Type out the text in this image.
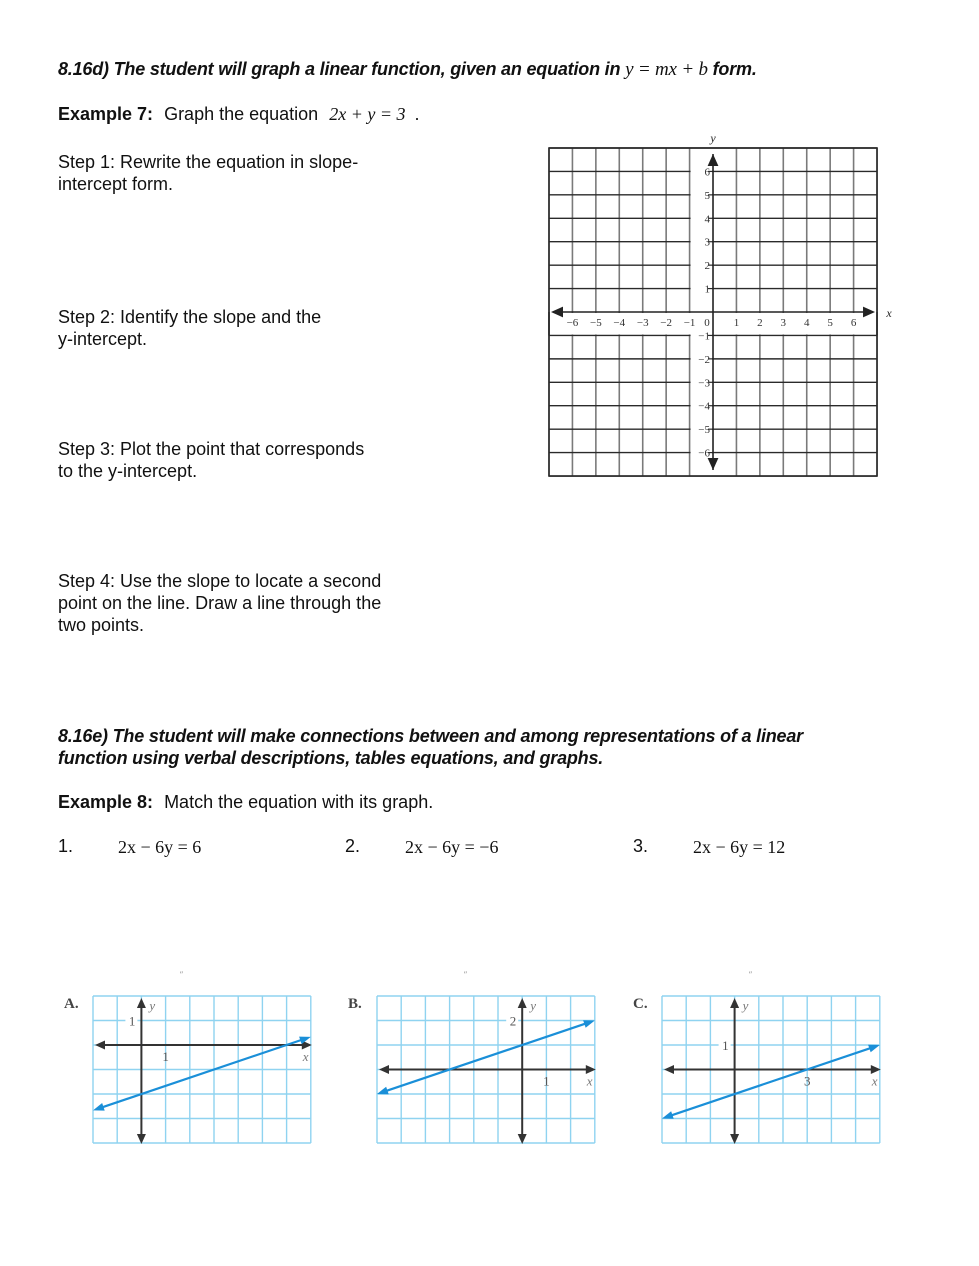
8.16d) The student will graph a linear function, given an equation in y = mx + b form.
Example 7: Graph the equation 2x + y = 3 .
Step 1: Rewrite the equation in slope-
intercept form.
Step 2: Identify the slope and the
y-intercept.
Step 3: Plot the point that corresponds
to the y-intercept.
Step 4: Use the slope to locate a second
point on the line. Draw a line through the
two points.
y
x
−6 −5 −4 −3 −2 −1 0 1 2 3 4 5 6
6
5
4
3
2
1
−1
−2
−3
−4
−5
−6
8.16e) The student will make connections between and among representations of a linear
function using verbal descriptions, tables equations, and graphs.
Example 8: Match the equation with its graph.
1. 2x − 6y = 6	2. 2x − 6y = −6	3. 2x − 6y = 12
A.
ʺ
y
x
1
1
B.
ʺ
y
x
2
1
C.
ʺ
y
x
1
3
